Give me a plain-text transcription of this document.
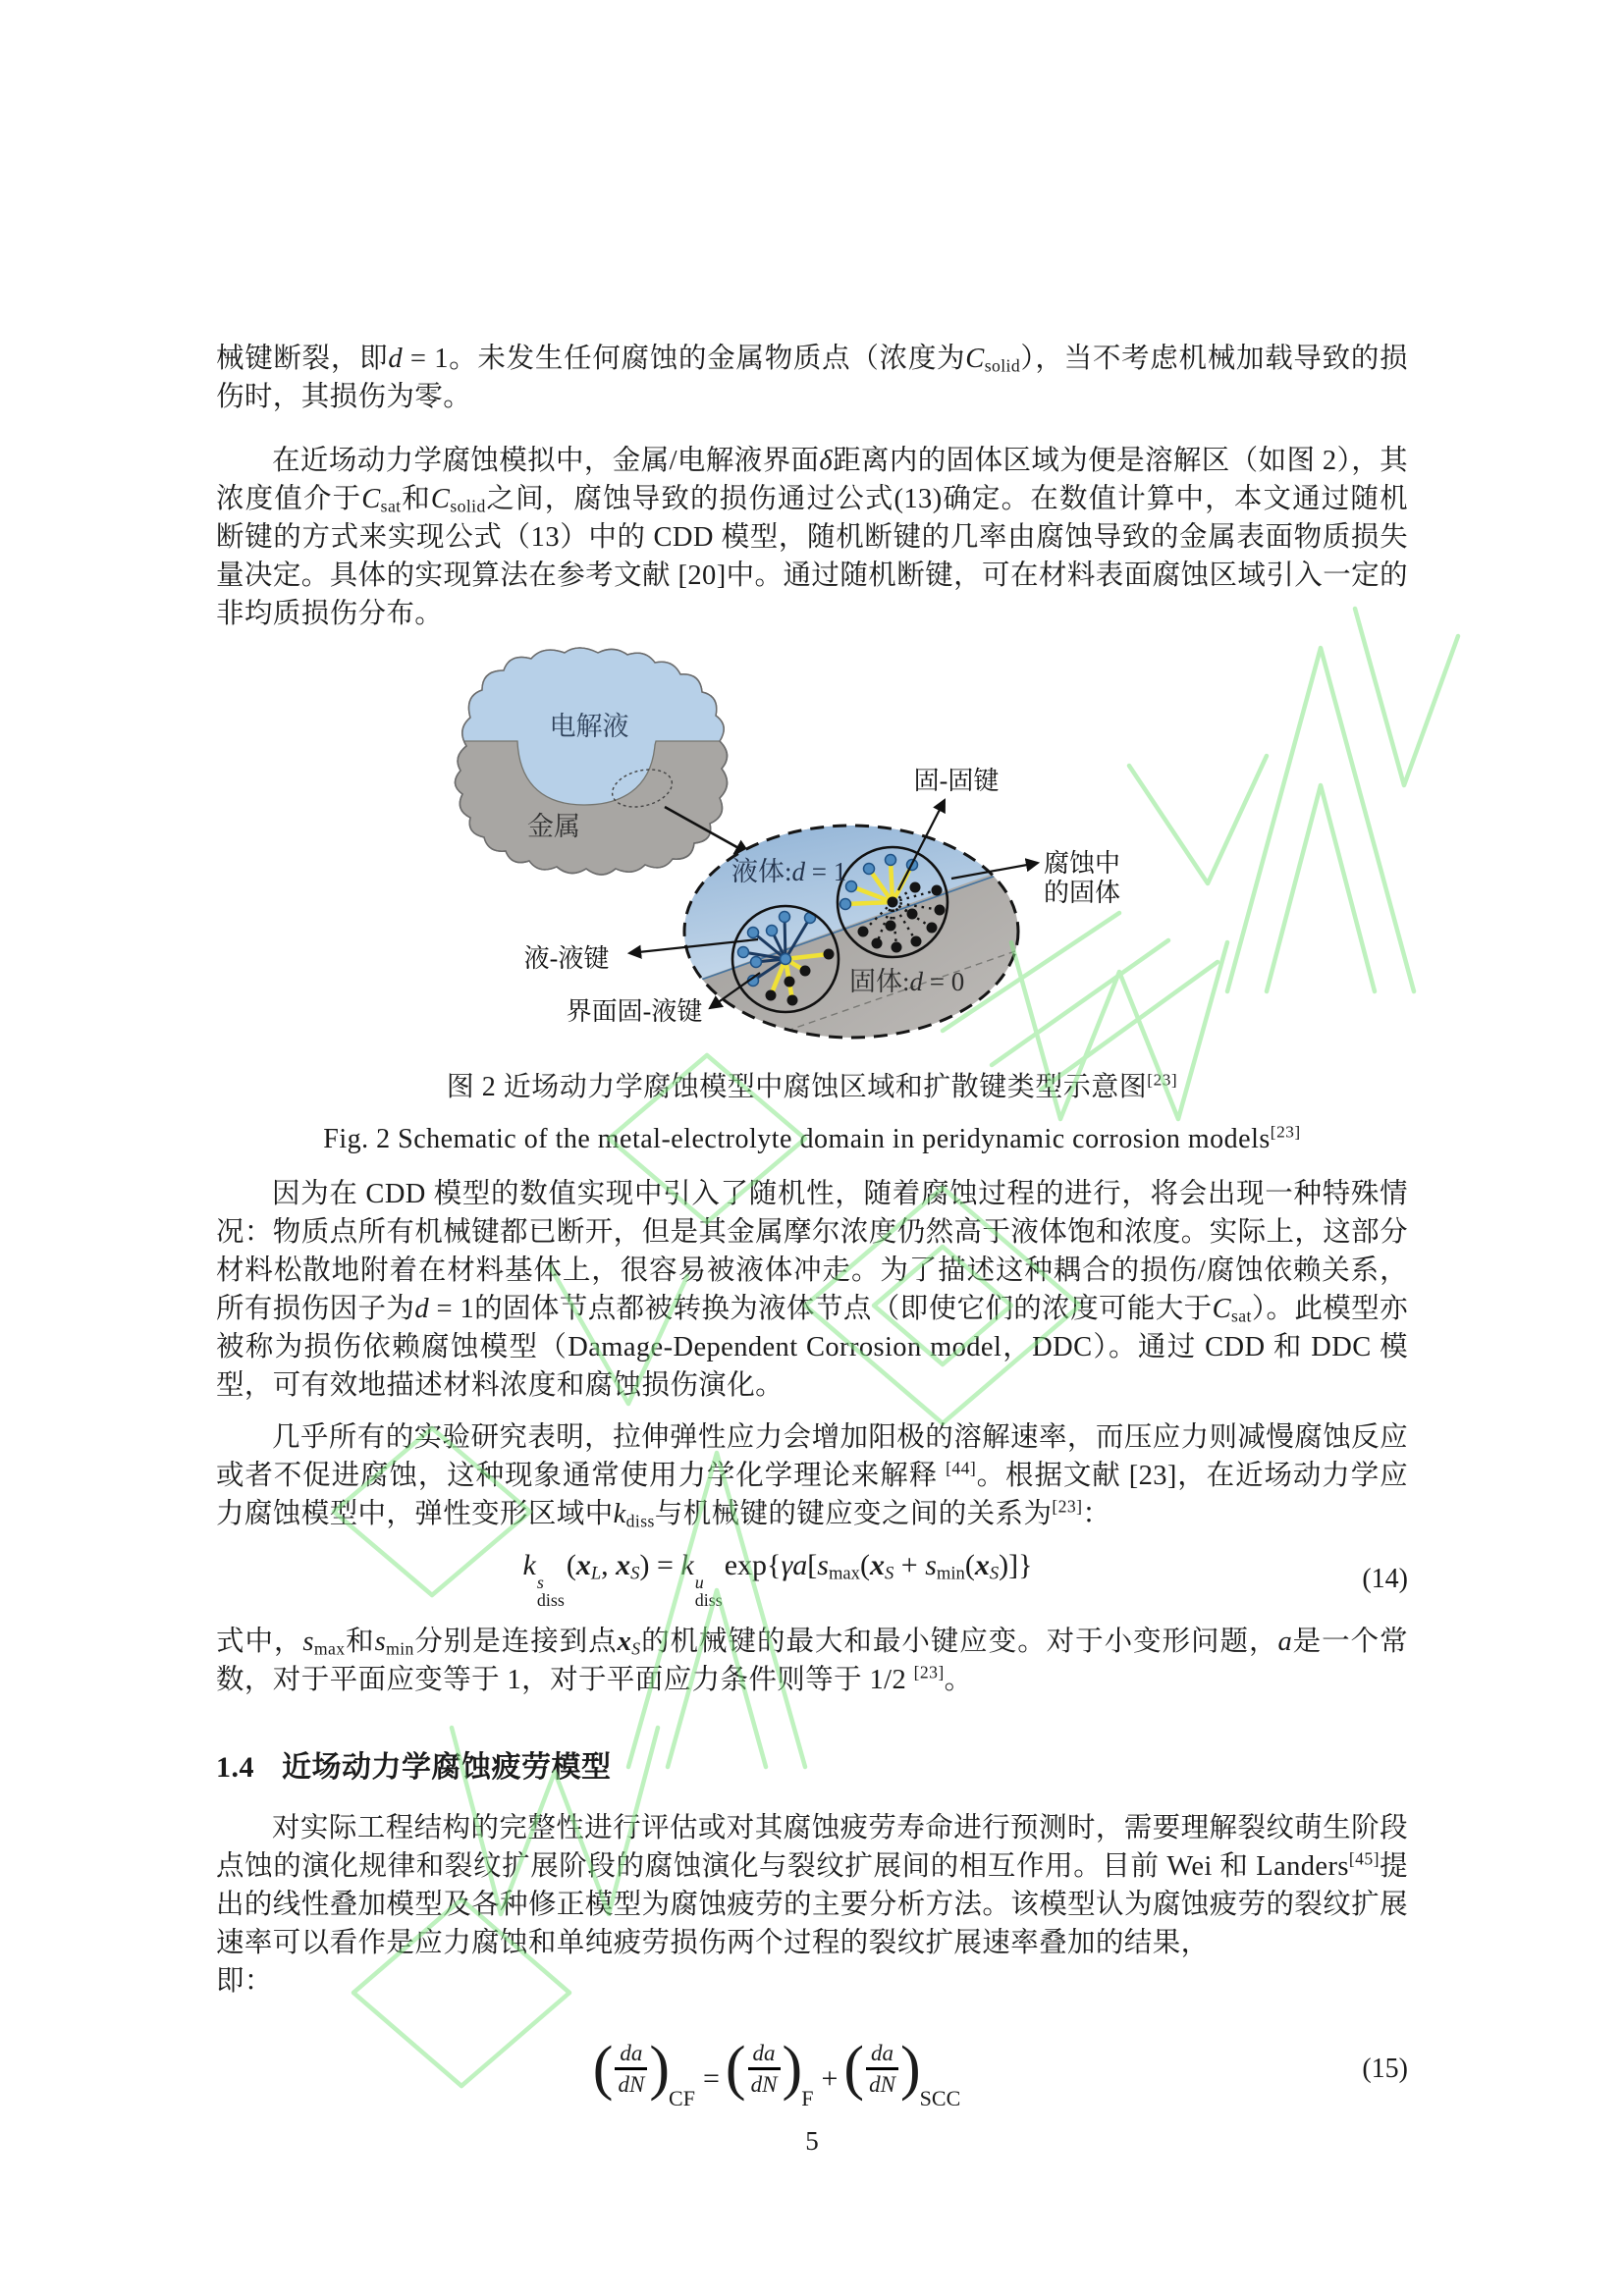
械键断裂，即d = 1。未发生任何腐蚀的金属物质点（浓度为$C_{solid}$），当不考虑机械加载导致的损伤时，其损伤为零。
在近场动力学腐蚀模拟中，金属/电解液界面δ距离内的固体区域为便是溶解区（如图 2），其浓度值介于$C_{sat}$和$C_{solid}$之间，腐蚀导致的损伤通过公式(13)确定。在数值计算中，本文通过随机断键的方式来实现公式（13）中的 CDD 模型，随机断键的几率由腐蚀导致的金属表面物质损失量决定。具体的实现算法在参考文献 [20]中。通过随机断键，可在材料表面腐蚀区域引入一定的非均质损伤分布。
电解液
金属
液体:d = 1
固体:d = 0
固-固键
腐蚀中
的固体
液-液键
界面固-液键
图 2 近场动力学腐蚀模型中腐蚀区域和扩散键类型示意图[23]
Fig. 2 Schematic of the metal-electrolyte domain in peridynamic corrosion models[23]
因为在 CDD 模型的数值实现中引入了随机性，随着腐蚀过程的进行，将会出现一种特殊情况：物质点所有机械键都已断开，但是其金属摩尔浓度仍然高于液体饱和浓度。实际上，这部分材料松散地附着在材料基体上，很容易被液体冲走。为了描述这种耦合的损伤/腐蚀依赖关系，所有损伤因子为d = 1的固体节点都被转换为液体节点（即使它们的浓度可能大于$C_{sat}$）。此模型亦被称为损伤依赖腐蚀模型（Damage-Dependent Corrosion model，DDC）。通过 CDD 和 DDC 模型，可有效地描述材料浓度和腐蚀损伤演化。
几乎所有的实验研究表明，拉伸弹性应力会增加阳极的溶解速率，而压应力则减慢腐蚀反应或者不促进腐蚀，这种现象通常使用力学化学理论来解释 [44]。根据文献 [23]，在近场动力学应力腐蚀模型中，弹性变形区域中$k_{diss}$与机械键的键应变之间的关系为[23]：
k
s
diss
($x_L$, $x_S) = k$
u
diss
$\exp\{\gamma a[s_{max}(x_S + s_{min}(x_S)]\}$	(14)
式中，$s_{max}$和$s_{min}$分别是连接到点$x_S$的机械键的最大和最小键应变。对于小变形问题，a是一个常数，对于平面应变等于 1，对于平面应力条件则等于 1/2 [23]。
1.4 近场动力学腐蚀疲劳模型
对实际工程结构的完整性进行评估或对其腐蚀疲劳寿命进行预测时，需要理解裂纹萌生阶段点蚀的演化规律和裂纹扩展阶段的腐蚀演化与裂纹扩展间的相互作用。目前 Wei 和 Landers[45]提出的线性叠加模型及各种修正模型为腐蚀疲劳的主要分析方法。该模型认为腐蚀疲劳的裂纹扩展速率可以看作是应力腐蚀和单纯疲劳损伤两个过程的裂纹扩展速率叠加的结果，
即：
( $\frac{da}{dN} )_{CF}$
= ( $\frac{da}{dN} )_F$
+ ( $\frac{da}{dN} )_{SCC}$
(15)
5
